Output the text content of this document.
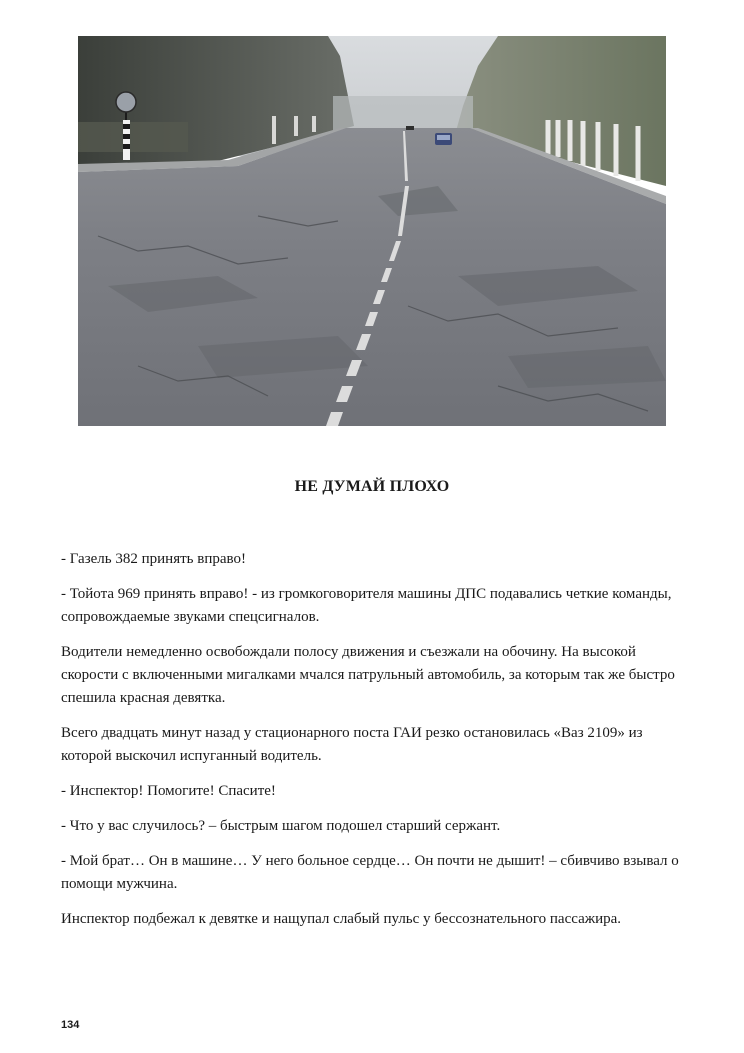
НЕ ДУМАЙ ПЛОХО

- Газель 382 принять вправо!

- Тойота 969 принять вправо! - из громкоговорителя машины ДПС подавались четкие команды, сопровождаемые звуками спецсигналов.

Водители немедленно освобождали полосу движения и съезжали на обочину. На высокой скорости с включенными мигалками мчался патрульный автомобиль, за которым так же быстро спешила красная девятка.

Всего двадцать минут назад у стационарного поста ГАИ резко остановилась «Ваз 2109» из которой выскочил испуганный водитель.

- Инспектор! Помогите! Спасите!

- Что у вас случилось? – быстрым шагом подошел старший сержант.

- Мой брат… Он в машине… У него больное сердце… Он почти не дышит! – сбивчиво взывал о помощи мужчина.

Инспектор подбежал к девятке и нащупал слабый пульс у бессознательного пассажира.

134
